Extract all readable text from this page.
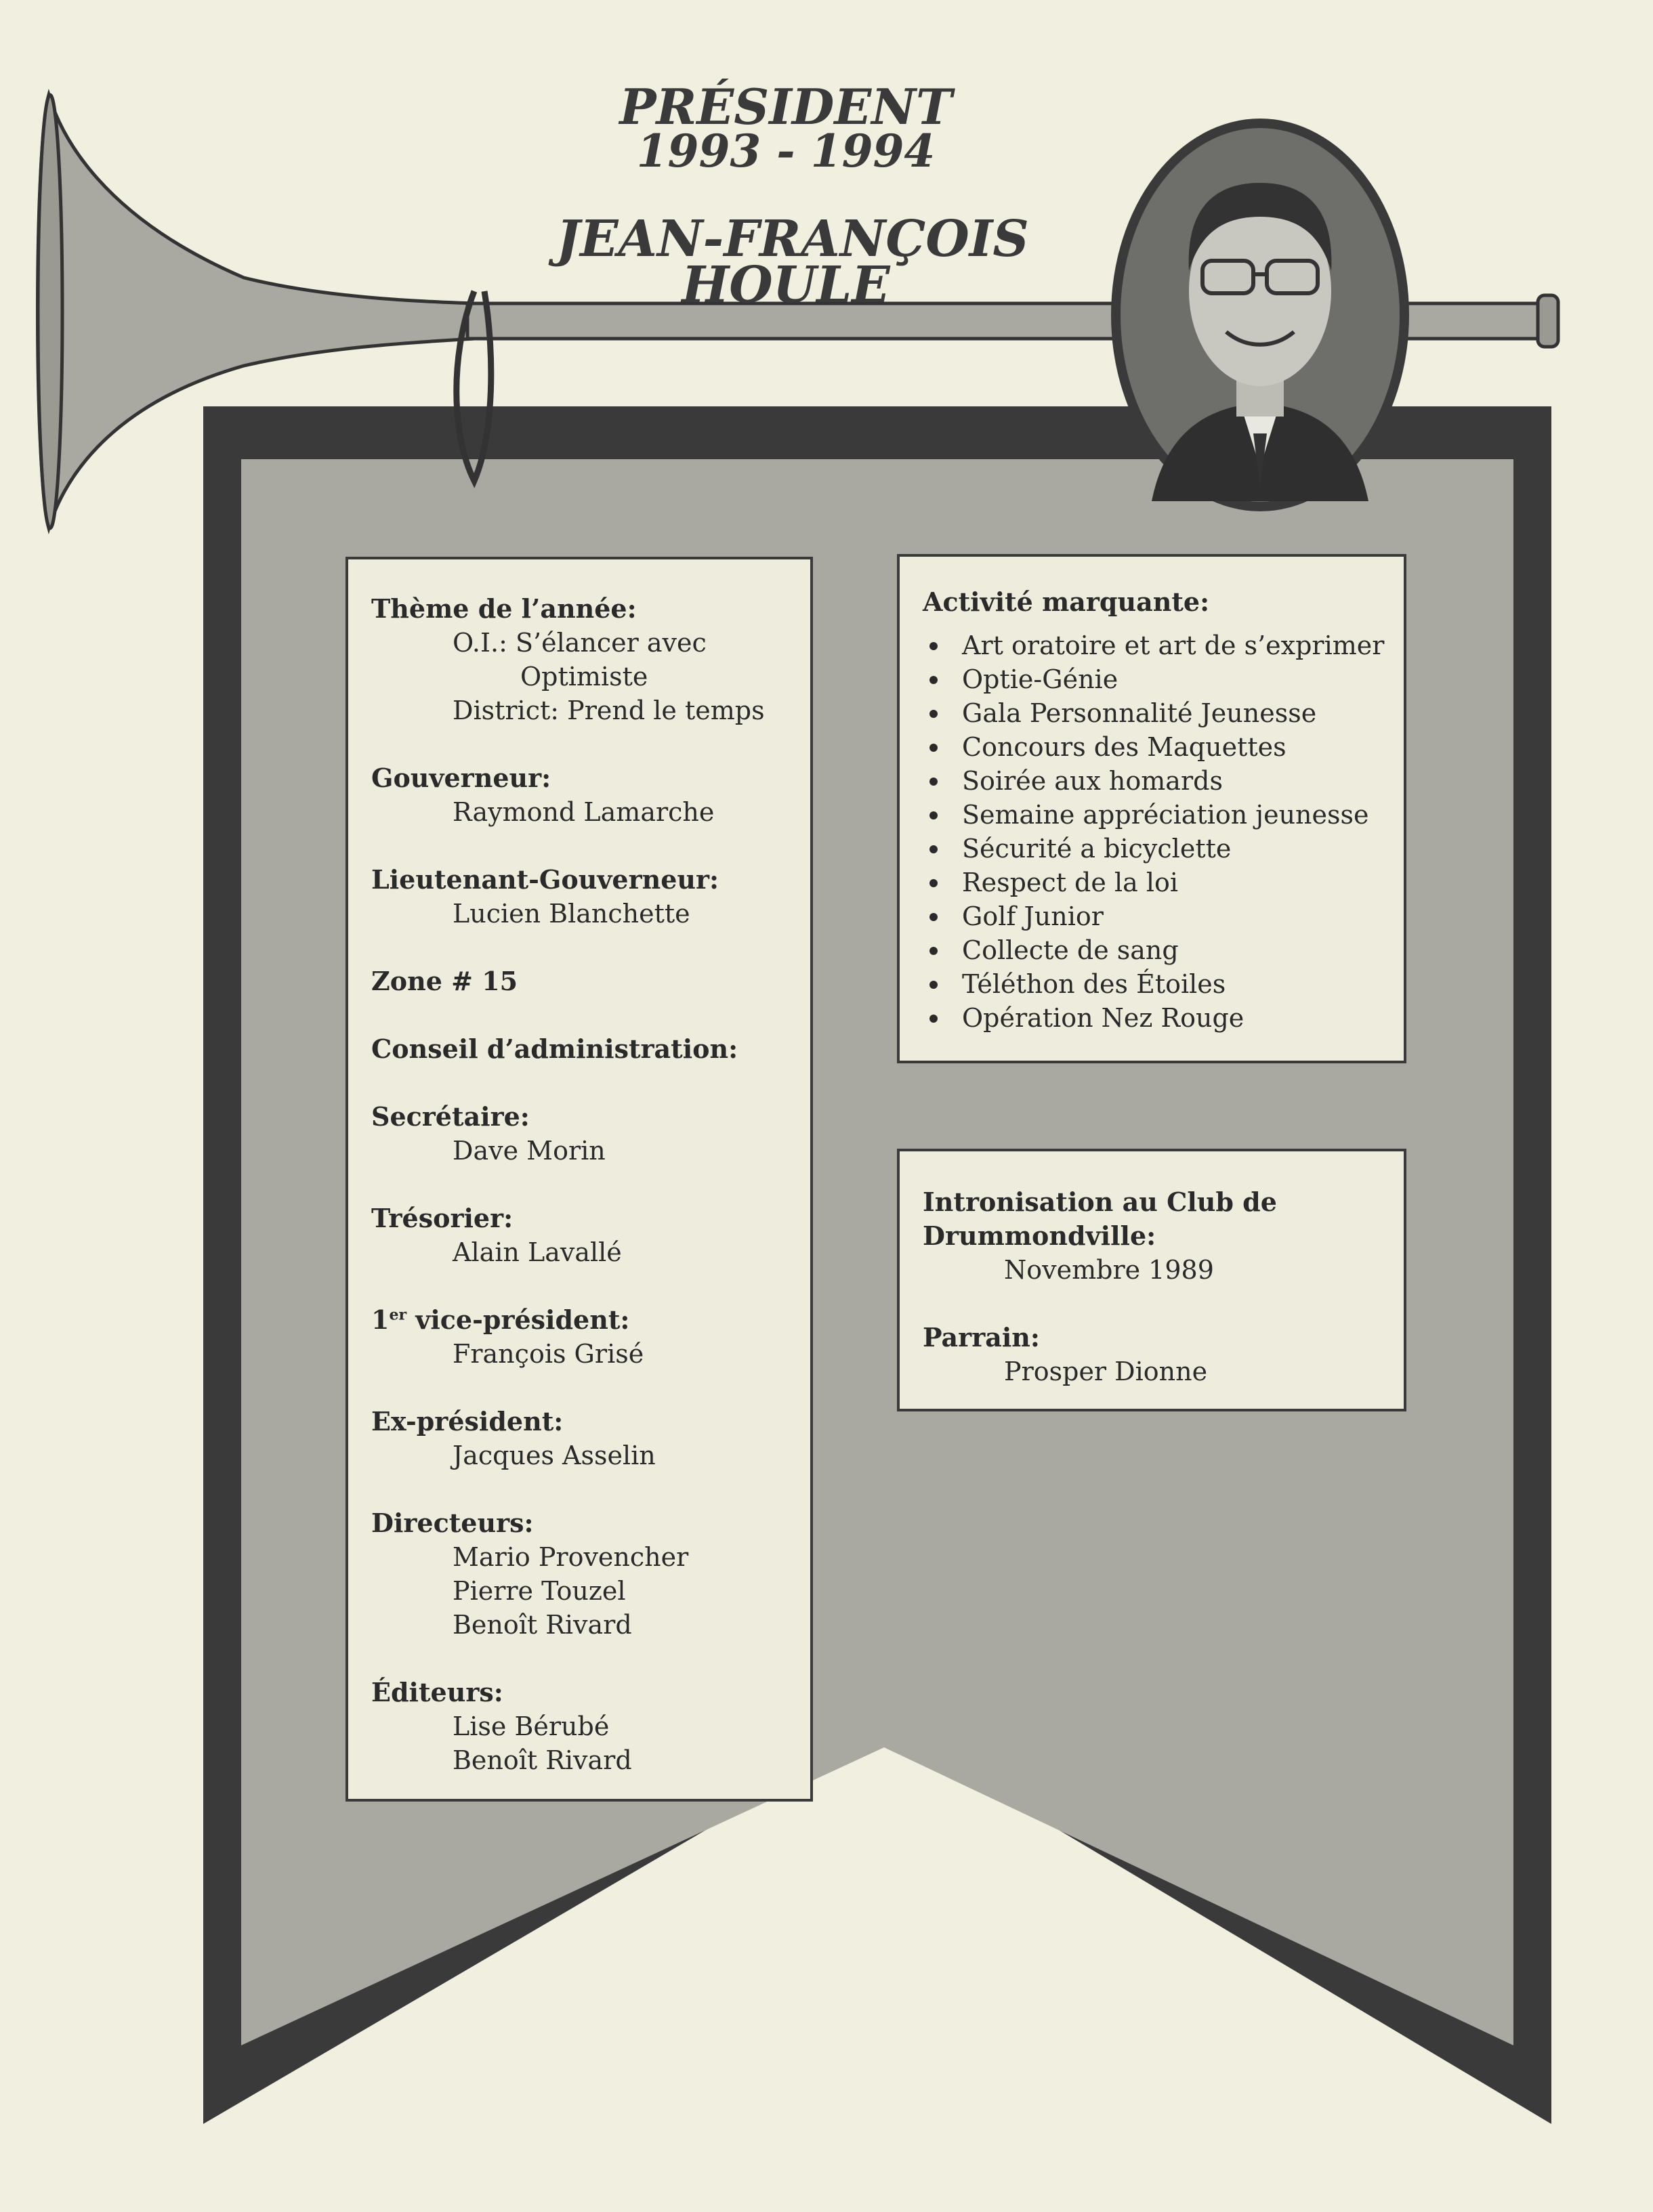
PRÉSIDENT
1993 - 1994
JEAN-FRANÇOIS
HOULE
Thème de l’année:
O.I.: S’élancer avec
Optimiste
District: Prend le temps
Gouverneur:
Raymond Lamarche
Lieutenant-Gouverneur:
Lucien Blanchette
Zone # 15
Conseil d’administration:
Secrétaire:
Dave Morin
Trésorier:
Alain Lavallé
1er vice-président:
François Grisé
Ex-président:
Jacques Asselin
Directeurs:
Mario Provencher
Pierre Touzel
Benoît Rivard
Éditeurs:
Lise Bérubé
Benoît Rivard
Activité marquante:
Art oratoire et art de s’exprimer
Optie-Génie
Gala Personnalité Jeunesse
Concours des Maquettes
Soirée aux homards
Semaine appréciation jeunesse
Sécurité a bicyclette
Respect de la loi
Golf Junior
Collecte de sang
Téléthon des Étoiles
Opération Nez Rouge
Intronisation au Club de
Drummondville:
Novembre 1989
Parrain:
Prosper Dionne
